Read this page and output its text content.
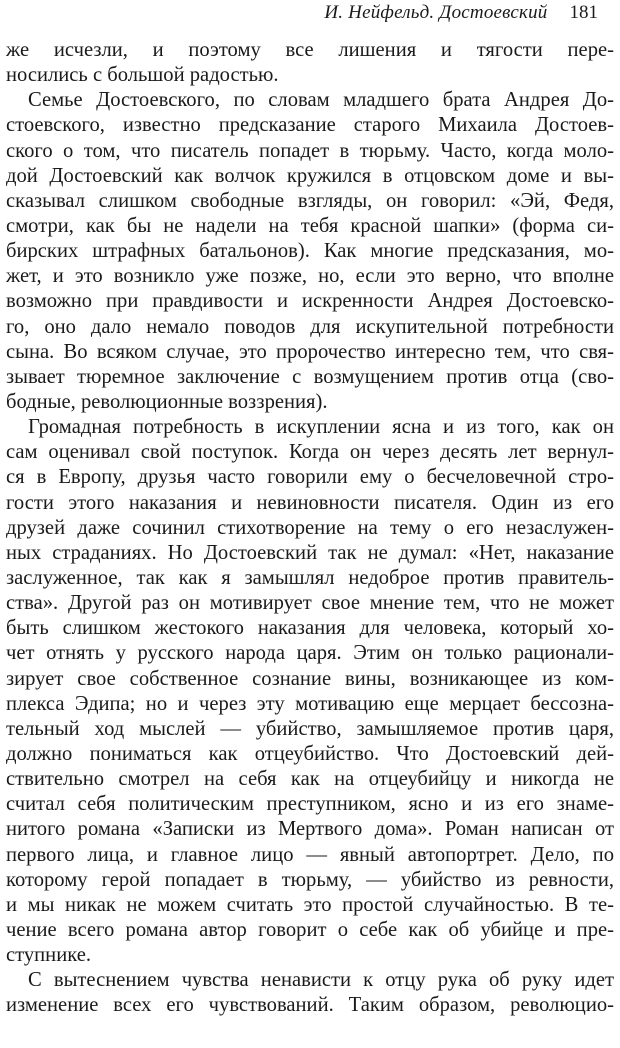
И. Нейфельд. Достоевский 181
же исчезли, и поэтому все лишения и тягости пере-
носились с большой радостью.
Семье Достоевского, по словам младшего брата Андрея До-
стоевского, известно предсказание старого Михаила Достоев-
ского о том, что писатель попадет в тюрьму. Часто, когда моло-
дой Достоевский как волчок кружился в отцовском доме и вы-
сказывал слишком свободные взгляды, он говорил: «Эй, Федя,
смотри, как бы не надели на тебя красной шапки» (форма си-
бирских штрафных батальонов). Как многие предсказания, мо-
жет, и это возникло уже позже, но, если это верно, что вполне
возможно при правдивости и искренности Андрея Достоевско-
го, оно дало немало поводов для искупительной потребности
сына. Во всяком случае, это пророчество интересно тем, что свя-
зывает тюремное заключение с возмущением против отца (сво-
бодные, революционные воззрения).
Громадная потребность в искуплении ясна и из того, как он
сам оценивал свой поступок. Когда он через десять лет вернул-
ся в Европу, друзья часто говорили ему о бесчеловечной стро-
гости этого наказания и невиновности писателя. Один из его
друзей даже сочинил стихотворение на тему о его незаслужен-
ных страданиях. Но Достоевский так не думал: «Нет, наказание
заслуженное, так как я замышлял недоброе против правитель-
ства». Другой раз он мотивирует свое мнение тем, что не может
быть слишком жестокого наказания для человека, который хо-
чет отнять у русского народа царя. Этим он только рационали-
зирует свое собственное сознание вины, возникающее из ком-
плекса Эдипа; но и через эту мотивацию еще мерцает бессозна-
тельный ход мыслей — убийство, замышляемое против царя,
должно пониматься как отцеубийство. Что Достоевский дей-
ствительно смотрел на себя как на отцеубийцу и никогда не
считал себя политическим преступником, ясно и из его знаме-
нитого романа «Записки из Мертвого дома». Роман написан от
первого лица, и главное лицо — явный автопортрет. Дело, по
которому герой попадает в тюрьму, — убийство из ревности,
и мы никак не можем считать это простой случайностью. В те-
чение всего романа автор говорит о себе как об убийце и пре-
ступнике.
С вытеснением чувства ненависти к отцу рука об руку идет
изменение всех его чувствований. Таким образом, революцио-
